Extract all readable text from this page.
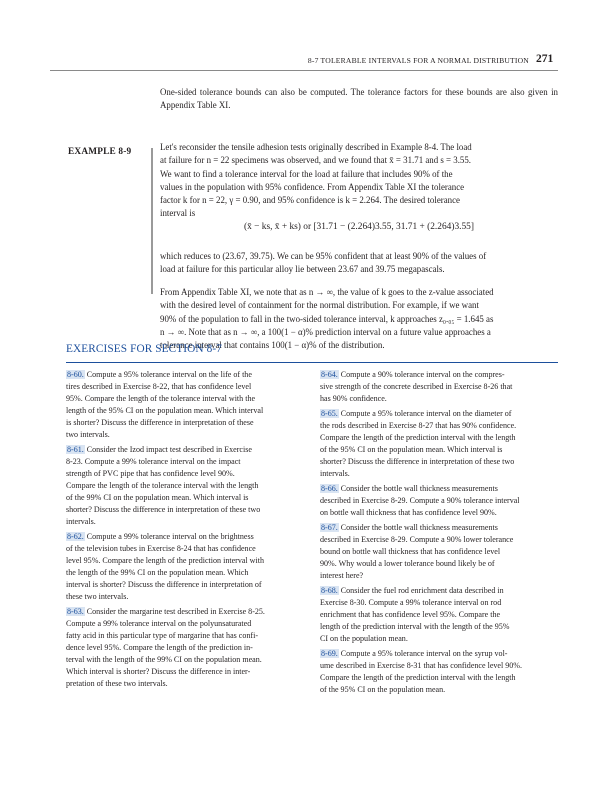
8-7 TOLERABLE INTERVALS FOR A NORMAL DISTRIBUTION 271
One-sided tolerance bounds can also be computed. The tolerance factors for these bounds are also given in Appendix Table XI.
EXAMPLE 8-9	Let's reconsider the tensile adhesion tests originally described in Example 8-4. The load
at failure for n = 22 specimens was observed, and we found that x̄ = 31.71 and s = 3.55.
We want to find a tolerance interval for the load at failure that includes 90% of the
values in the population with 95% confidence. From Appendix Table XI the tolerance
factor k for n = 22, γ = 0.90, and 95% confidence is k = 2.264. The desired tolerance
interval is
(x̄ − ks, x̄ + ks) or [31.71 − (2.264)3.55, 31.71 + (2.264)3.55]
which reduces to (23.67, 39.75). We can be 95% confident that at least 90% of the values of
load at failure for this particular alloy lie between 23.67 and 39.75 megapascals.
From Appendix Table XI, we note that as n → ∞, the value of k goes to the z-value associated
with the desired level of containment for the normal distribution. For example, if we want
90% of the population to fall in the two-sided tolerance interval, k approaches z₀.₀₅ = 1.645 as
n → ∞. Note that as n → ∞, a 100(1 − α)% prediction interval on a future value approaches a
tolerance interval that contains 100(1 − α)% of the distribution.
EXERCISES FOR SECTION 8-7
8-60. Compute a 95% tolerance interval on the life of the
tires described in Exercise 8-22, that has confidence level
95%. Compare the length of the tolerance interval with the
length of the 95% CI on the population mean. Which interval
is shorter? Discuss the difference in interpretation of these
two intervals.
8-61. Consider the Izod impact test described in Exercise
8-23. Compute a 99% tolerance interval on the impact
strength of PVC pipe that has confidence level 90%.
Compare the length of the tolerance interval with the length
of the 99% CI on the population mean. Which interval is
shorter? Discuss the difference in interpretation of these two
intervals.
8-62. Compute a 99% tolerance interval on the brightness
of the television tubes in Exercise 8-24 that has confidence
level 95%. Compare the length of the prediction interval with
the length of the 99% CI on the population mean. Which
interval is shorter? Discuss the difference in interpretation of
these two intervals.
8-63. Consider the margarine test described in Exercise 8-25.
Compute a 99% tolerance interval on the polyunsaturated
fatty acid in this particular type of margarine that has confi-
dence level 95%. Compare the length of the prediction in-
terval with the length of the 99% CI on the population mean.
Which interval is shorter? Discuss the difference in inter-
pretation of these two intervals.
8-64. Compute a 90% tolerance interval on the compres-
sive strength of the concrete described in Exercise 8-26 that
has 90% confidence.
8-65. Compute a 95% tolerance interval on the diameter of
the rods described in Exercise 8-27 that has 90% confidence.
Compare the length of the prediction interval with the length
of the 95% CI on the population mean. Which interval is
shorter? Discuss the difference in interpretation of these two
intervals.
8-66. Consider the bottle wall thickness measurements
described in Exercise 8-29. Compute a 90% tolerance interval
on bottle wall thickness that has confidence level 90%.
8-67. Consider the bottle wall thickness measurements
described in Exercise 8-29. Compute a 90% lower tolerance
bound on bottle wall thickness that has confidence level
90%. Why would a lower tolerance bound likely be of
interest here?
8-68. Consider the fuel rod enrichment data described in
Exercise 8-30. Compute a 99% tolerance interval on rod
enrichment that has confidence level 95%. Compare the
length of the prediction interval with the length of the 95%
CI on the population mean.
8-69. Compute a 95% tolerance interval on the syrup vol-
ume described in Exercise 8-31 that has confidence level 90%.
Compare the length of the prediction interval with the length
of the 95% CI on the population mean.
